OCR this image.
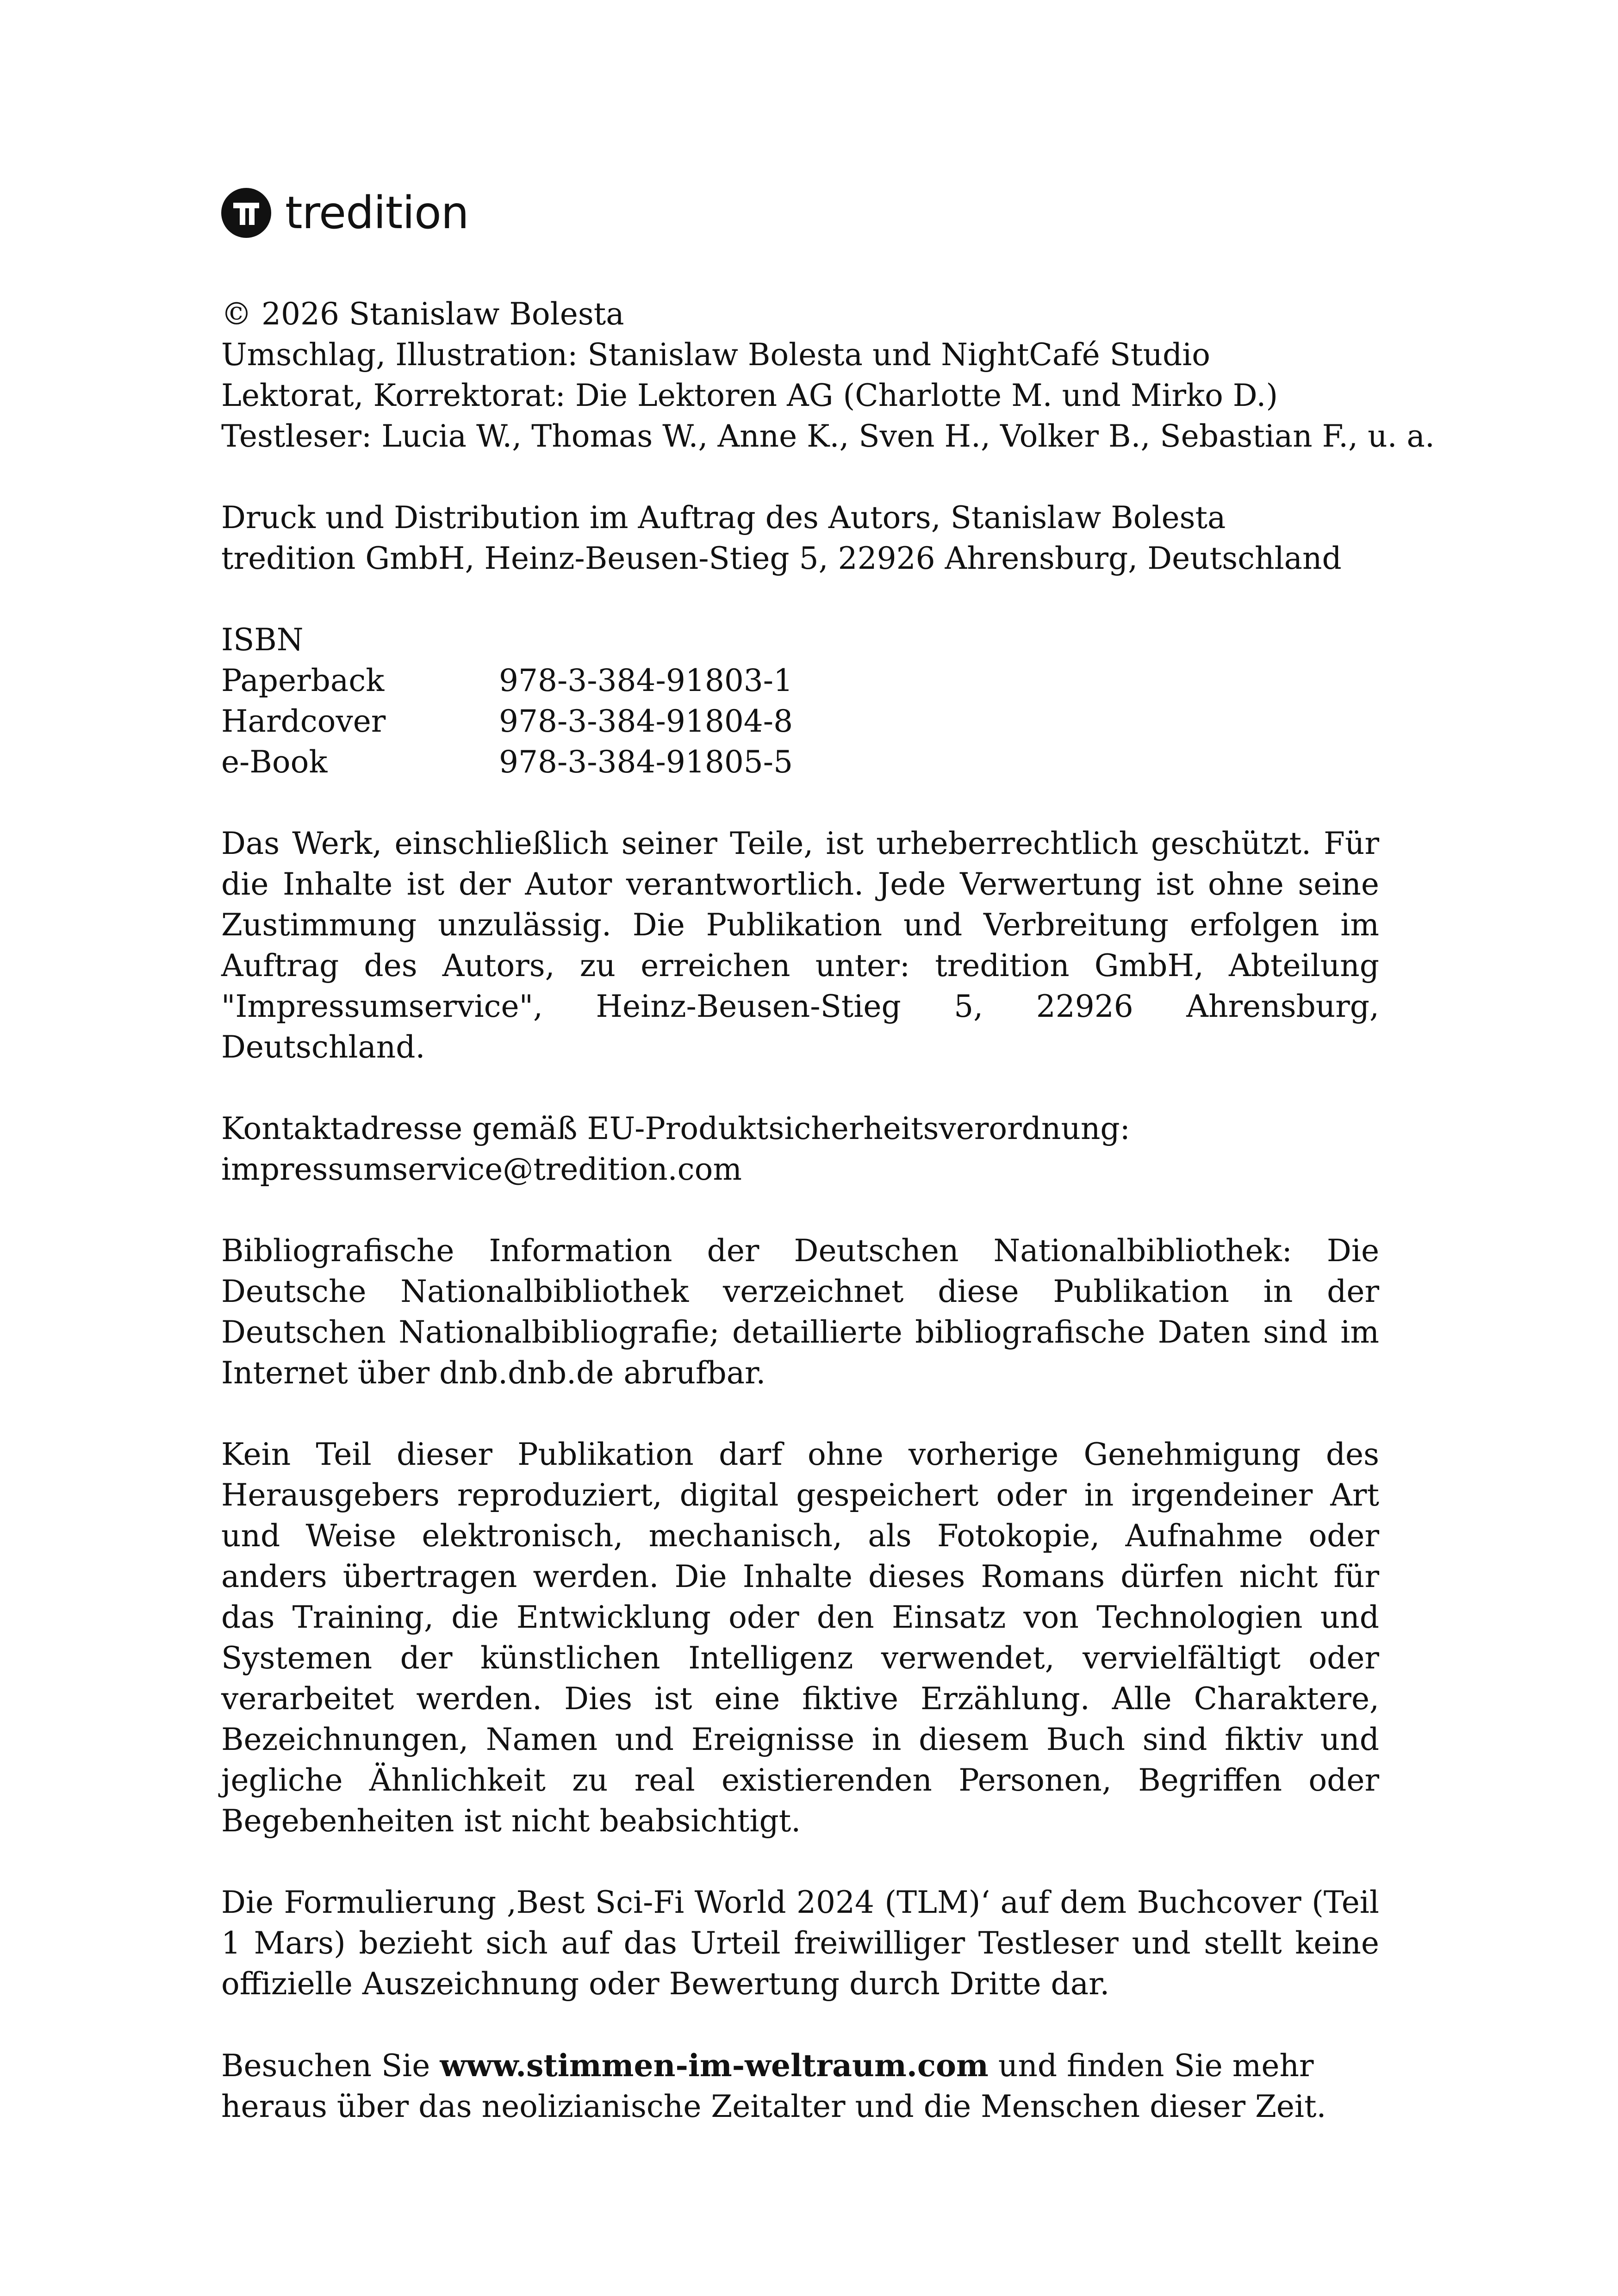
tredition
© 2026 Stanislaw Bolesta
Umschlag, Illustration: Stanislaw Bolesta und NightCafé Studio
Lektorat, Korrektorat: Die Lektoren AG (Charlotte M. und Mirko D.)
Testleser: Lucia W., Thomas W., Anne K., Sven H., Volker B., Sebastian F., u. a.
Druck und Distribution im Auftrag des Autors, Stanislaw Bolesta
tredition GmbH, Heinz-Beusen-Stieg 5, 22926 Ahrensburg, Deutschland
ISBN
Paperback	978-3-384-91803-1
Hardcover	978-3-384-91804-8
e-Book	978-3-384-91805-5

Das Werk, einschließlich seiner Teile, ist urheberrechtlich geschützt. Für die Inhalte ist der Autor verantwortlich. Jede Verwertung ist ohne seine Zustimmung unzulässig. Die Publikation und Verbreitung erfolgen im Auftrag des Autors, zu erreichen unter: tredition GmbH, Abteilung "Impressumservice", Heinz-Beusen-Stieg 5, 22926 Ahrensburg, Deutschland.

Kontaktadresse gemäß EU-Produktsicherheitsverordnung:
impressumservice@tredition.com

Bibliografische Information der Deutschen Nationalbibliothek: Die Deutsche Nationalbibliothek verzeichnet diese Publikation in der Deutschen Nationalbibliografie; detaillierte bibliografische Daten sind im Internet über dnb.dnb.de abrufbar.

Kein Teil dieser Publikation darf ohne vorherige Genehmigung des Herausgebers reproduziert, digital gespeichert oder in irgendeiner Art und Weise elektronisch, mechanisch, als Fotokopie, Aufnahme oder anders übertragen werden. Die Inhalte dieses Romans dürfen nicht für das Training, die Entwicklung oder den Einsatz von Technologien und Systemen der künstlichen Intelligenz verwendet, vervielfältigt oder verarbeitet werden. Dies ist eine fiktive Erzählung. Alle Charaktere, Bezeichnungen, Namen und Ereignisse in diesem Buch sind fiktiv und jegliche Ähnlichkeit zu real existierenden Personen, Begriffen oder Begebenheiten ist nicht beabsichtigt.

Die Formulierung ‚Best Sci-Fi World 2024 (TLM)‘ auf dem Buchcover (Teil 1 Mars) bezieht sich auf das Urteil freiwilliger Testleser und stellt keine offizielle Auszeichnung oder Bewertung durch Dritte dar.

Besuchen Sie www.stimmen-im-weltraum.com und finden Sie mehr heraus über das neolizianische Zeitalter und die Menschen dieser Zeit.
